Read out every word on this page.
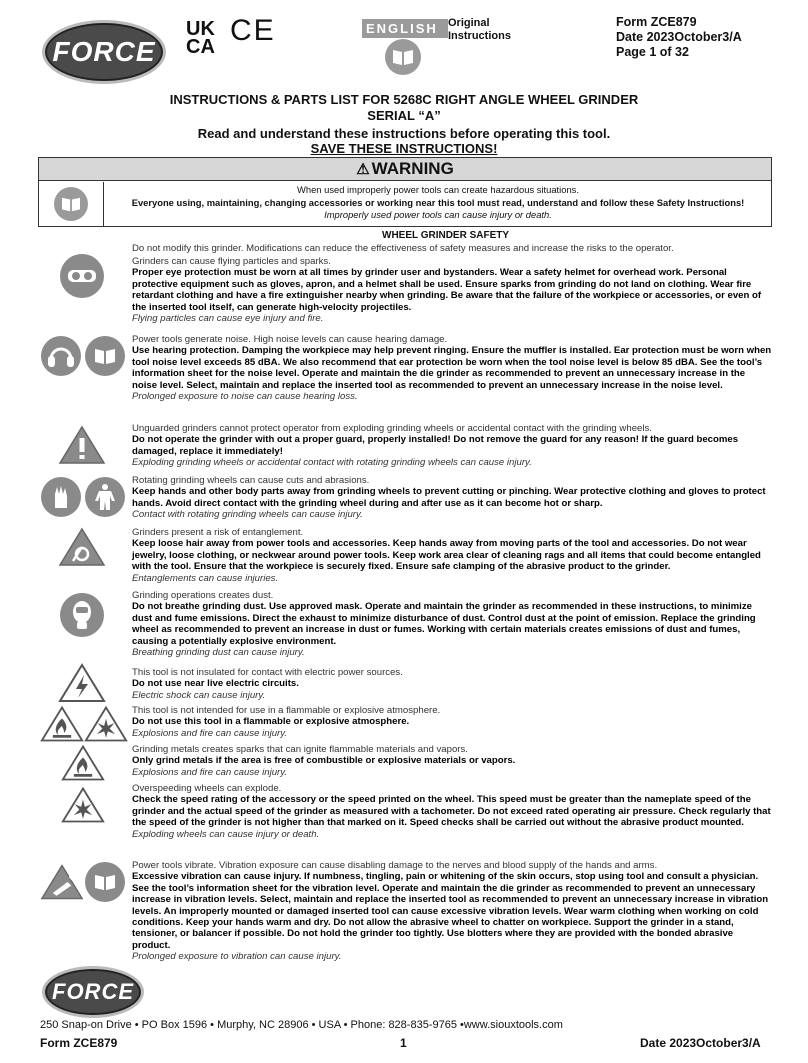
FORCE
UK CA CE	ENGLISH Original
Instructions
Form ZCE879
Date 2023October3/A
Page 1 of 32
INSTRUCTIONS & PARTS LIST FOR 5268C RIGHT ANGLE WHEEL GRINDER
SERIAL “A”
Read and understand these instructions before operating this tool.
SAVE THESE INSTRUCTIONS!
⚠ WARNING
When used improperly power tools can create hazardous situations.
Everyone using, maintaining, changing accessories or working near this tool must read, understand and follow these Safety Instructions!
Improperly used power tools can cause injury or death.
WHEEL GRINDER SAFETY
Do not modify this grinder. Modifications can reduce the effectiveness of safety measures and increase the risks to the operator.
Grinders can cause flying particles and sparks.
Proper eye protection must be worn at all times by grinder user and bystanders. Wear a safety helmet for overhead work. Personal protective equipment such as gloves, apron, and a helmet shall be used. Ensure sparks from grinding do not land on clothing. Wear fire retardant clothing and have a fire extinguisher nearby when grinding. Be aware that the failure of the workpiece or accessories, or even of the inserted tool itself, can generate high-velocity projectiles.
Flying particles can cause eye injury and fire.
Power tools generate noise. High noise levels can cause hearing damage.
Use hearing protection. Damping the workpiece may help prevent ringing. Ensure the muffler is installed. Ear protection must be worn when tool noise level exceeds 85 dBA. We also recommend that ear protection be worn when the tool noise level is below 85 dBA. See the tool’s information sheet for the noise level. Operate and maintain the die grinder as recommended to prevent an unnecessary increase in the noise level. Select, maintain and replace the inserted tool as recommended to prevent an unnecessary increase in the noise level.
Prolonged exposure to noise can cause hearing loss.
Unguarded grinders cannot protect operator from exploding grinding wheels or accidental contact with the grinding wheels.
Do not operate the grinder with out a proper guard, properly installed! Do not remove the guard for any reason! If the guard becomes damaged, replace it immediately!
Exploding grinding wheels or accidental contact with rotating grinding wheels can cause injury.
Rotating grinding wheels can cause cuts and abrasions.
Keep hands and other body parts away from grinding wheels to prevent cutting or pinching. Wear protective clothing and gloves to protect hands. Avoid direct contact with the grinding wheel during and after use as it can become hot or sharp.
Contact with rotating grinding wheels can cause injury.
Grinders present a risk of entanglement.
Keep loose hair away from power tools and accessories. Keep hands away from moving parts of the tool and accessories. Do not wear jewelry, loose clothing, or neckwear around power tools. Keep work area clear of cleaning rags and all items that could become entangled with the tool. Ensure that the workpiece is securely fixed. Ensure safe clamping of the abrasive product to the grinder.
Entanglements can cause injuries.
Grinding operations creates dust.
Do not breathe grinding dust. Use approved mask. Operate and maintain the grinder as recommended in these instructions, to minimize dust and fume emissions. Direct the exhaust to minimize disturbance of dust. Control dust at the point of emission. Replace the grinding wheel as recommended to prevent an increase in dust or fumes. Working with certain materials creates emissions of dust and fumes, causing a potentially explosive environment.
Breathing grinding dust can cause injury.
This tool is not insulated for contact with electric power sources.
Do not use near live electric circuits.
Electric shock can cause injury.
This tool is not intended for use in a flammable or explosive atmosphere.
Do not use this tool in a flammable or explosive atmosphere.
Explosions and fire can cause injury.
Grinding metals creates sparks that can ignite flammable materials and vapors.
Only grind metals if the area is free of combustible or explosive materials or vapors.
Explosions and fire can cause injury.
Overspeeding wheels can explode.
Check the speed rating of the accessory or the speed printed on the wheel. This speed must be greater than the nameplate speed of the grinder and the actual speed of the grinder as measured with a tachometer. Do not exceed rated operating air pressure. Check regularly that the speed of the grinder is not higher than that marked on it. Speed checks shall be carried out without the abrasive product mounted.
Exploding wheels can cause injury or death.
Power tools vibrate. Vibration exposure can cause disabling damage to the nerves and blood supply of the hands and arms.
Excessive vibration can cause injury. If numbness, tingling, pain or whitening of the skin occurs, stop using tool and consult a physician. See the tool’s information sheet for the vibration level. Operate and maintain the die grinder as recommended to prevent an unnecessary increase in vibration levels. Select, maintain and replace the inserted tool as recommended to prevent an unnecessary increase in vibration levels. An improperly mounted or damaged inserted tool can cause excessive vibration levels. Wear warm clothing when working on cold conditions. Keep your hands warm and dry. Do not allow the abrasive wheel to chatter on workpiece. Support the grinder in a stand, tensioner, or balancer if possible. Do not hold the grinder too tightly. Use blotters where they are provided with the bonded abrasive product.
Prolonged exposure to vibration can cause injury.
FORCE
250 Snap-on Drive • PO Box 1596 • Murphy, NC 28906 • USA • Phone: 828-835-9765 •www.siouxtools.com
Form ZCE879	1	Date 2023October3/A
